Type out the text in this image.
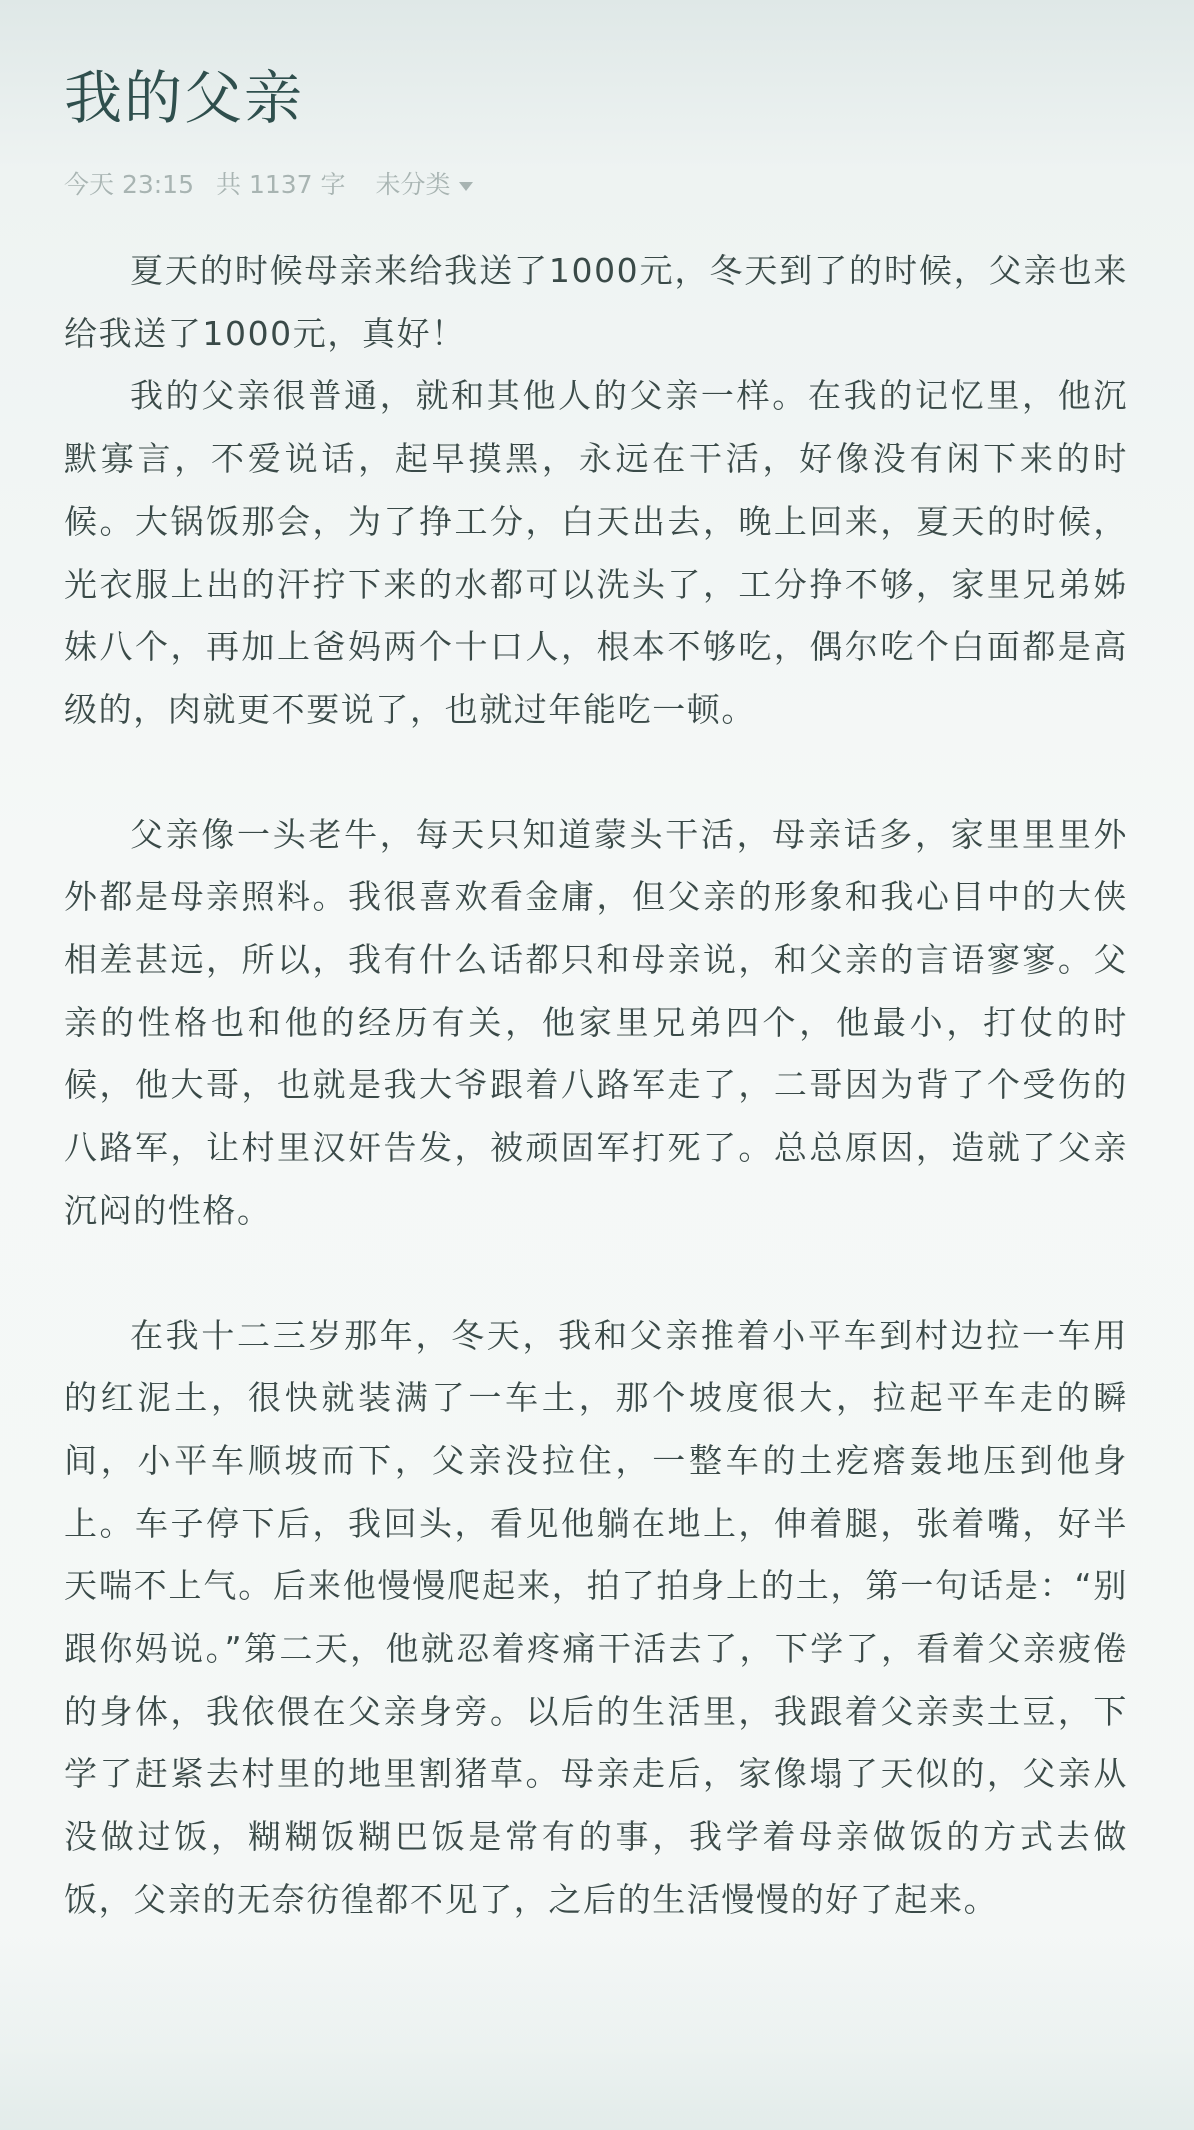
我的父亲
今天 23:15 共 1137 字 未分类

夏天的时候母亲来给我送了1000元，冬天到了的时候，父亲也来给我送了1000元，真好！

我的父亲很普通，就和其他人的父亲一样。在我的记忆里，他沉默寡言，不爱说话，起早摸黑，永远在干活，好像没有闲下来的时候。大锅饭那会，为了挣工分，白天出去，晚上回来，夏天的时候，光衣服上出的汗拧下来的水都可以洗头了，工分挣不够，家里兄弟姊妹八个，再加上爸妈两个十口人，根本不够吃，偶尔吃个白面都是高级的，肉就更不要说了，也就过年能吃一顿。

父亲像一头老牛，每天只知道蒙头干活，母亲话多，家里里里外外都是母亲照料。我很喜欢看金庸，但父亲的形象和我心目中的大侠相差甚远，所以，我有什么话都只和母亲说，和父亲的言语寥寥。父亲的性格也和他的经历有关，他家里兄弟四个，他最小，打仗的时候，他大哥，也就是我大爷跟着八路军走了，二哥因为背了个受伤的八路军，让村里汉奸告发，被顽固军打死了。总总原因，造就了父亲沉闷的性格。

在我十二三岁那年，冬天，我和父亲推着小平车到村边拉一车用的红泥土，很快就装满了一车土，那个坡度很大，拉起平车走的瞬间，小平车顺坡而下，父亲没拉住，一整车的土疙瘩轰地压到他身上。车子停下后，我回头，看见他躺在地上，伸着腿，张着嘴，好半天喘不上气。后来他慢慢爬起来，拍了拍身上的土，第一句话是：“别跟你妈说。”第二天，他就忍着疼痛干活去了，下学了，看着父亲疲倦的身体，我依偎在父亲身旁。以后的生活里，我跟着父亲卖土豆，下学了赶紧去村里的地里割猪草。母亲走后，家像塌了天似的，父亲从没做过饭，糊糊饭糊巴饭是常有的事，我学着母亲做饭的方式去做饭，父亲的无奈彷徨都不见了，之后的生活慢慢的好了起来。
